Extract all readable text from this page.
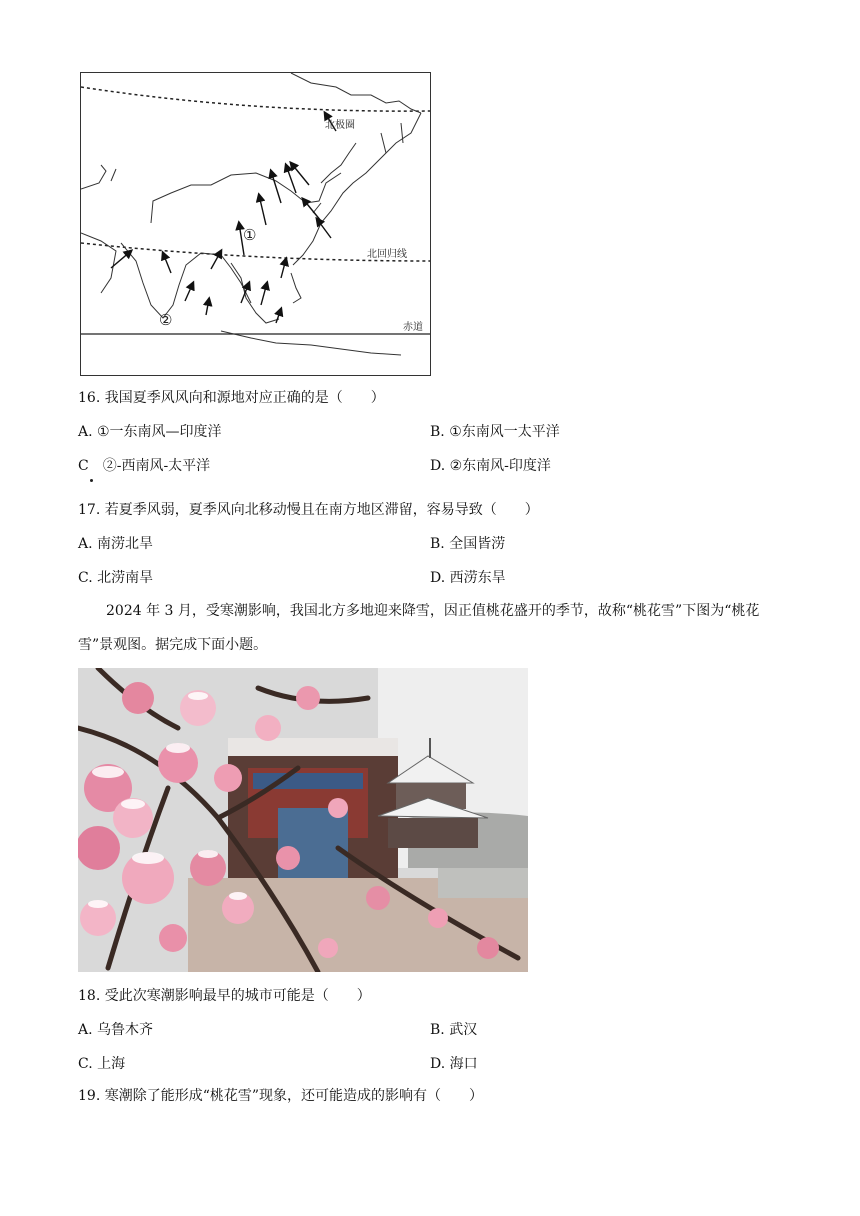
北极圈
北回归线
赤道
①
②
16. 我国夏季风风向和源地对应正确的是（　　）
A. ①一东南风—印度洋	B. ①东南风一太平洋
C　②-西南风-太平洋	D. ②东南风-印度洋
17. 若夏季风弱，夏季风向北移动慢且在南方地区滞留，容易导致（　　）
A. 南涝北旱	B. 全国皆涝
C. 北涝南旱	D. 西涝东旱
2024 年 3 月，受寒潮影响，我国北方多地迎来降雪，因正值桃花盛开的季节，故称“桃花雪”下图为“桃花雪”景观图。据完成下面小题。
18. 受此次寒潮影响最早的城市可能是（　　）
A. 乌鲁木齐	B. 武汉
C. 上海	D. 海口
19. 寒潮除了能形成“桃花雪”现象，还可能造成的影响有（　　）
